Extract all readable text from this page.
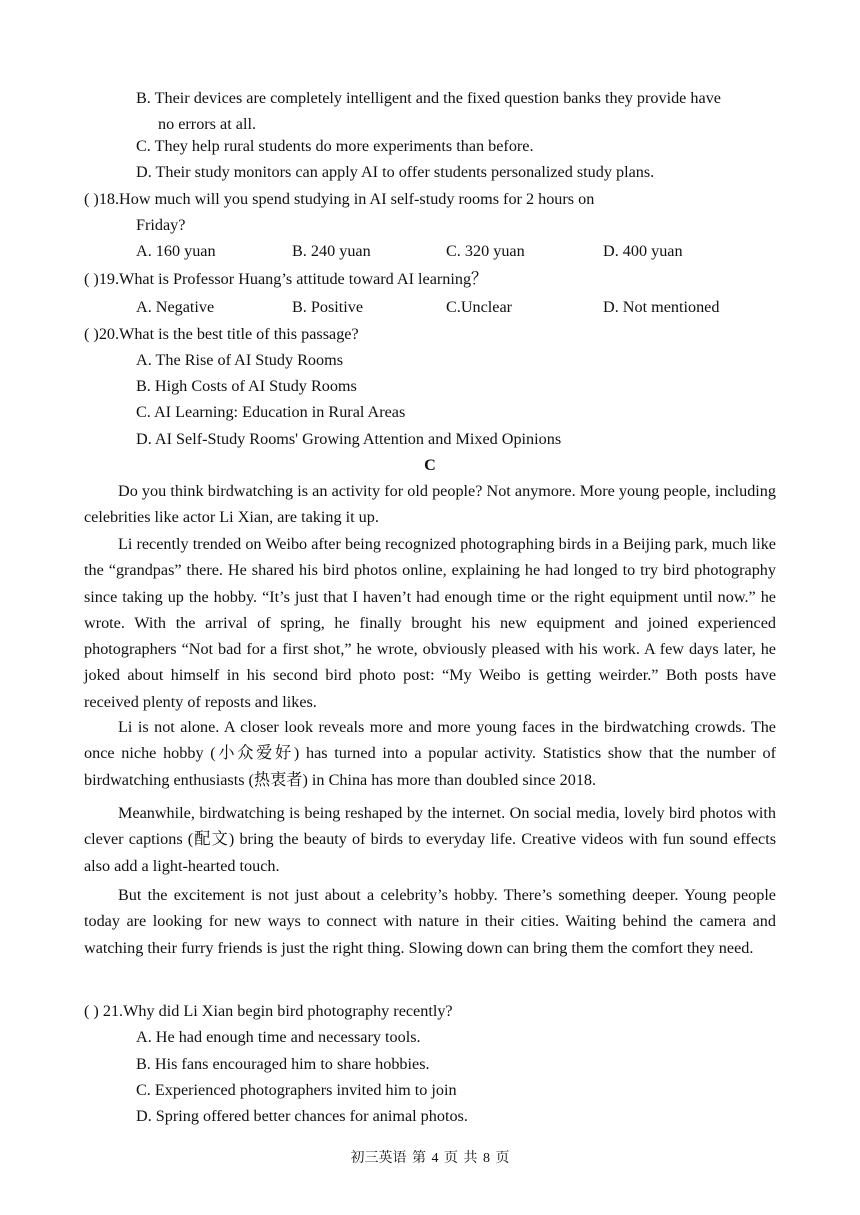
B. Their devices are completely intelligent and the fixed question banks they provide have
no errors at all.
C. They help rural students do more experiments than before.
D. Their study monitors can apply AI to offer students personalized study plans.
( )18.How much will you spend studying in AI self-study rooms for 2 hours on
Friday?
A. 160 yuan	B. 240 yuan	C. 320 yuan	D. 400 yuan
( )19.What is Professor Huang’s attitude toward AI learning？
A. Negative	B. Positive	C.Unclear	D. Not mentioned
( )20.What is the best title of this passage?
A. The Rise of AI Study Rooms
B. High Costs of AI Study Rooms
C. AI Learning: Education in Rural Areas
D. AI Self-Study Rooms' Growing Attention and Mixed Opinions
C
Do you think birdwatching is an activity for old people? Not anymore. More young people, including celebrities like actor Li Xian, are taking it up.
Li recently trended on Weibo after being recognized photographing birds in a Beijing park, much like the “grandpas” there. He shared his bird photos online, explaining he had longed to try bird photography since taking up the hobby. “It’s just that I haven’t had enough time or the right equipment until now.” he wrote. With the arrival of spring, he finally brought his new equipment and joined experienced photographers “Not bad for a first shot,” he wrote, obviously pleased with his work. A few days later, he joked about himself in his second bird photo post: “My Weibo is getting weirder.” Both posts have received plenty of reposts and likes.
Li is not alone. A closer look reveals more and more young faces in the birdwatching crowds. The once niche hobby (小众爱好) has turned into a popular activity. Statistics show that the number of birdwatching enthusiasts (热衷者) in China has more than doubled since 2018.
Meanwhile, birdwatching is being reshaped by the internet. On social media, lovely bird photos with clever captions (配文) bring the beauty of birds to everyday life. Creative videos with fun sound effects also add a light-hearted touch.
But the excitement is not just about a celebrity’s hobby. There’s something deeper. Young people today are looking for new ways to connect with nature in their cities. Waiting behind the camera and watching their furry friends is just the right thing. Slowing down can bring them the comfort they need.
( ) 21.Why did Li Xian begin bird photography recently?
A. He had enough time and necessary tools.
B. His fans encouraged him to share hobbies.
C. Experienced photographers invited him to join
D. Spring offered better chances for animal photos.
初三英语 第 4 页 共 8 页
